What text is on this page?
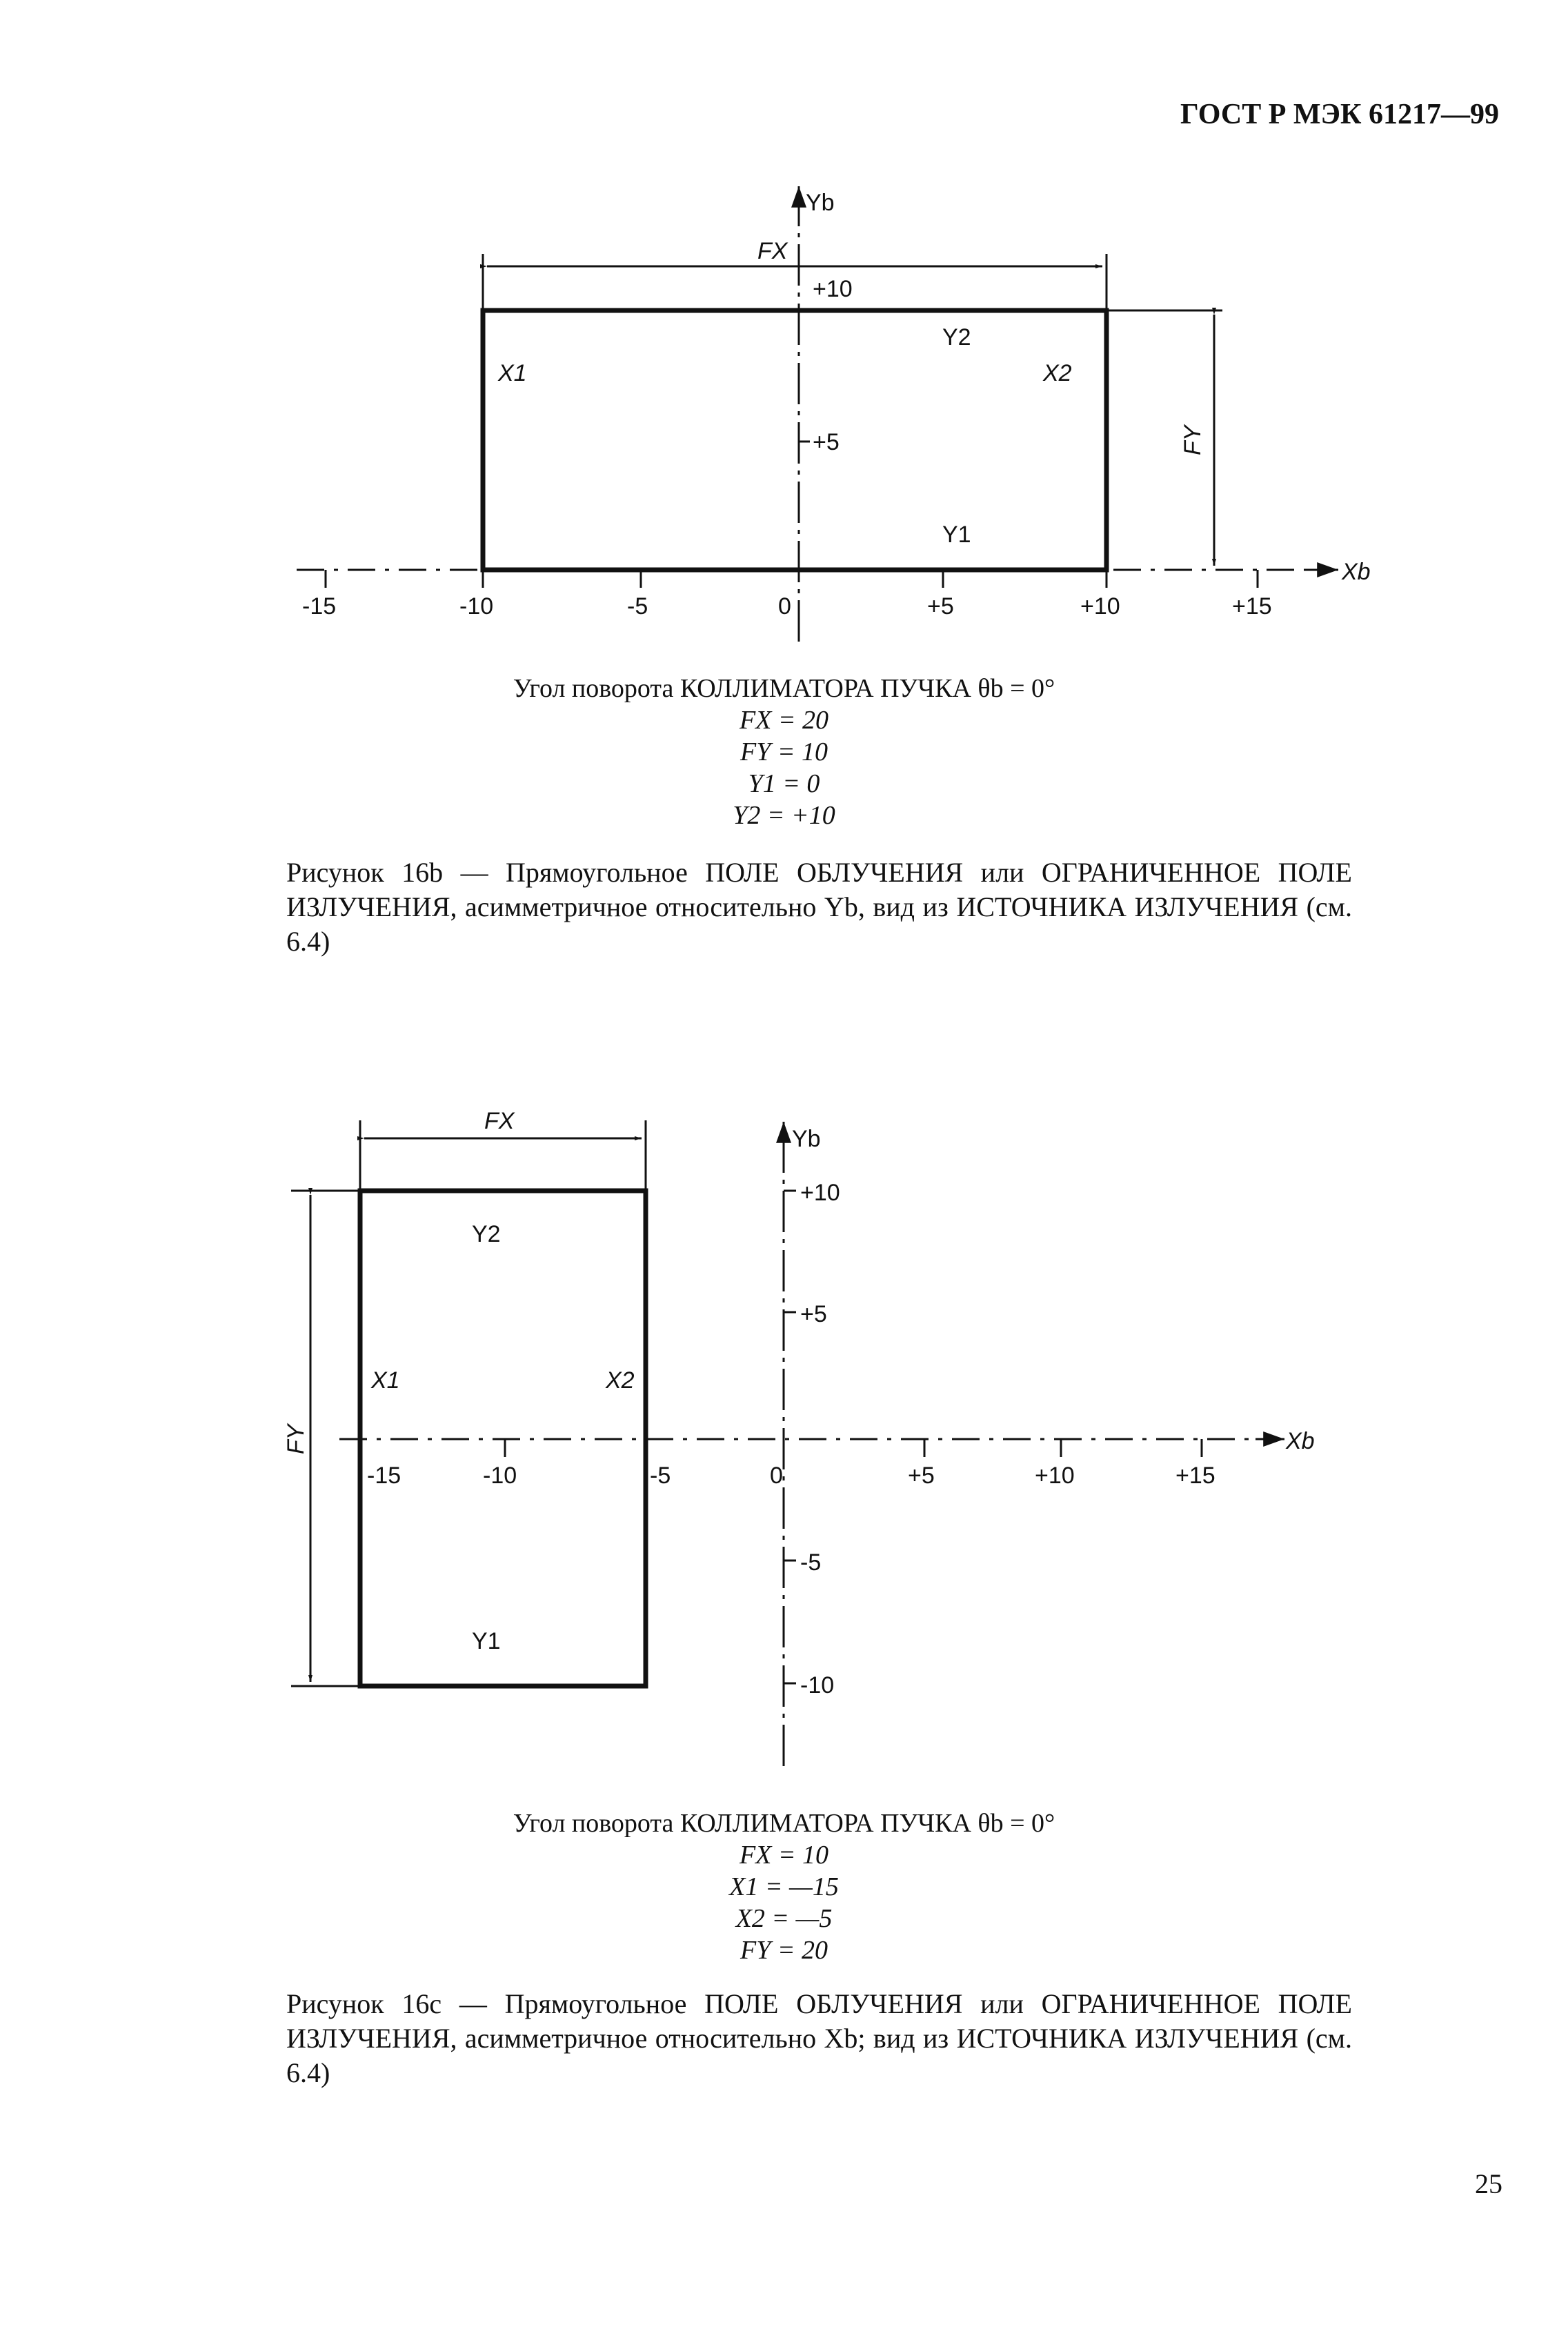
ГОСТ Р МЭК 61217—99
Xb
Yb
-15	-10	-5	0	+5	+10	+15
+5
+10
FX
FY
X1	X2
Y2
Y1
Угол поворота КОЛЛИМАТОРА ПУЧКА θb = 0°
FX = 20
FY = 10
Y1 = 0
Y2 = +10
Рисунок 16b — Прямоугольное ПОЛЕ ОБЛУЧЕНИЯ или ОГРАНИЧЕННОЕ ПОЛЕ ИЗЛУЧЕНИЯ, асимметричное относительно Yb, вид из ИСТОЧНИКА ИЗЛУЧЕНИЯ (см. 6.4)
Xb
Yb
-15	-10	-5	0	+5	+10	+15
+10
+5
-5
-10
FX
FY
X1	X2
Y2
Y1
Угол поворота КОЛЛИМАТОРА ПУЧКА θb = 0°
FX = 10
X1 = —15
X2 = —5
FY = 20
Рисунок 16с — Прямоугольное ПОЛЕ ОБЛУЧЕНИЯ или ОГРАНИЧЕННОЕ ПОЛЕ ИЗЛУЧЕНИЯ, асимметричное относительно Xb; вид из ИСТОЧНИКА ИЗЛУЧЕНИЯ (см. 6.4)
25
